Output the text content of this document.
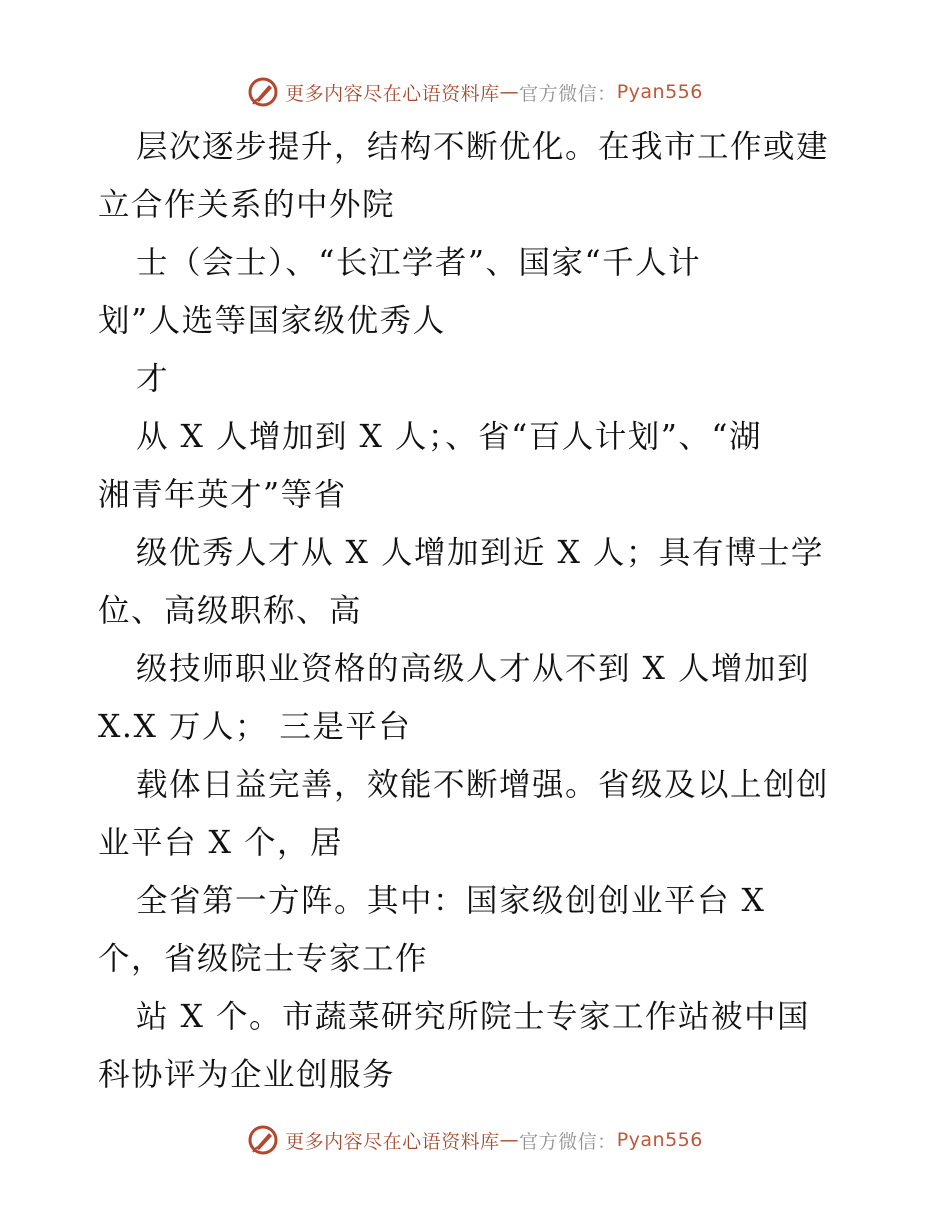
更多内容尽在心语资料库 — 官方微信： Pyan556
层次逐步提升，结构不断优化。在我市工作或建
立合作关系的中外院
士（会士）、“长江学者”、国家“千人计
划”人选等国家级优秀人
才
从 X 人增加到 X 人；、省“百人计划”、“湖
湘青年英才”等省
级优秀人才从 X 人增加到近 X 人；具有博士学
位、高级职称、高
级技师职业资格的高级人才从不到 X 人增加到
X.X 万人； 三是平台
载体日益完善，效能不断增强。省级及以上创创
业平台 X 个，居
全省第一方阵。其中：国家级创创业平台 X
个，省级院士专家工作
站 X 个。市蔬菜研究所院士专家工作站被中国
科协评为企业创服务
更多内容尽在心语资料库 — 官方微信： Pyan556
